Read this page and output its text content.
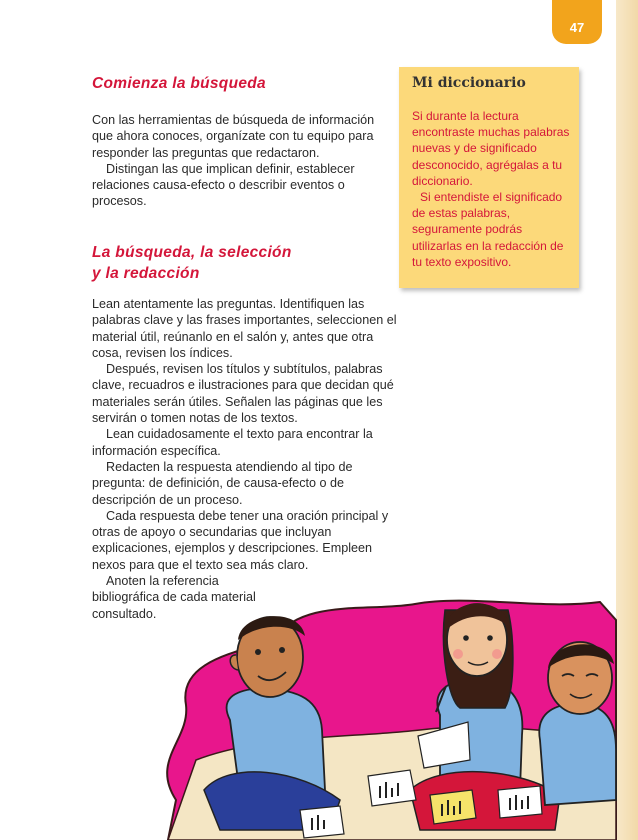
47
Comienza la búsqueda

Con las herramientas de búsqueda de información que ahora conoces, organízate con tu equipo para responder las preguntas que redactaron.

Distingan las que implican definir, establecer relaciones causa-efecto o describir eventos o procesos.

La búsqueda, la selección
y la redacción

Lean atentamente las preguntas. Identifiquen las palabras clave y las frases importantes, seleccionen el material útil, reúnanlo en el salón y, antes que otra cosa, revisen los índices.

Después, revisen los títulos y subtítulos, palabras clave, recuadros e ilustraciones para que decidan qué materiales serán útiles. Señalen las páginas que les servirán o tomen notas de los textos.

Lean cuidadosamente el texto para encontrar la información específica.

Redacten la respuesta atendiendo al tipo de pregunta: de definición, de causa-efecto o de descripción de un proceso.

Cada respuesta debe tener una oración principal y otras de apoyo o secundarias que incluyan explicaciones, ejemplos y descripciones. Empleen nexos para que el texto sea más claro.

Anoten la referencia bibliográfica de cada material consultado.

Mi diccionario

Si durante la lectura encontraste muchas palabras nuevas y de significado desconocido, agrégalas a tu diccionario.

Si entendiste el significado de estas palabras, seguramente podrás utilizarlas en la redacción de tu texto expositivo.
